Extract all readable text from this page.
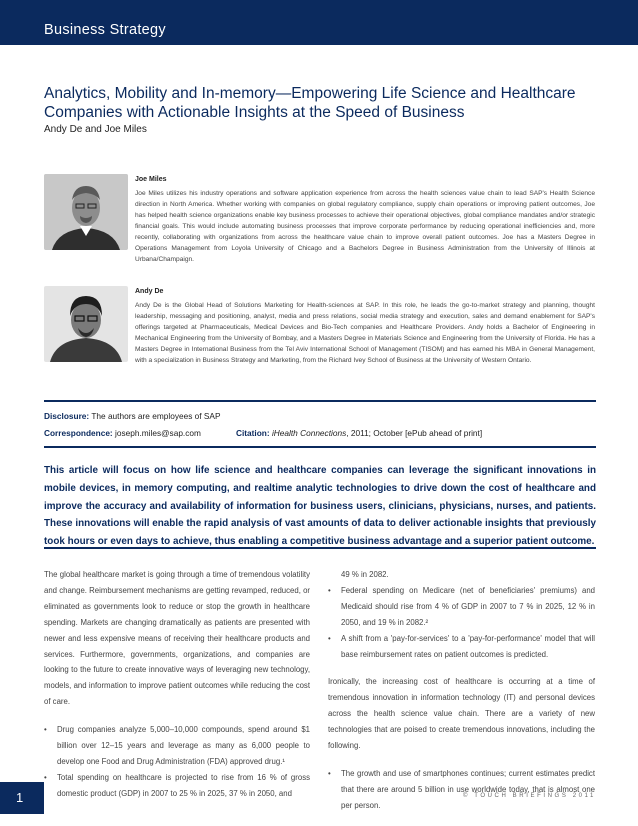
Business Strategy
Analytics, Mobility and In-memory—Empowering Life Science and Healthcare Companies with Actionable Insights at the Speed of Business
Andy De and Joe Miles
Joe Miles
Joe Miles utilizes his industry operations and software application experience from across the health sciences value chain to lead SAP's Health Science direction in North America. Whether working with companies on global regulatory compliance, supply chain operations or improving patient outcomes, Joe has helped health science organizations enable key business processes to achieve their operational objectives, global compliance mandates and/or strategic financial goals. This would include automating business processes that improve corporate performance by reducing operational inefficiencies and, more recently, collaborating with organizations from across the healthcare value chain to improve overall patient outcomes. Joe has a Masters Degree in Operations Management from Loyola University of Chicago and a Bachelors Degree in Business Administration from the University of Illinois at Urbana/Champaign.
Andy De
Andy De is the Global Head of Solutions Marketing for Health-sciences at SAP. In this role, he leads the go-to-market strategy and planning, thought leadership, messaging and positioning, analyst, media and press relations, social media strategy and execution, sales and demand enablement for SAP's offerings targeted at Pharmaceuticals, Medical Devices and Bio-Tech companies and Healthcare Providers. Andy holds a Bachelor of Engineering in Mechanical Engineering from the University of Bombay, and a Masters Degree in Materials Science and Engineering from the University of Florida. He has a Masters Degree in International Business from the Tel Aviv International School of Management (TISOM) and has earned his MBA in General Management, with a specialization in Business Strategy and Marketing, from the Richard Ivey School of Business at the University of Western Ontario.
Disclosure: The authors are employees of SAP
Correspondence: joseph.miles@sap.com	Citation: iHealth Connections, 2011; October [ePub ahead of print]
This article will focus on how life science and healthcare companies can leverage the significant innovations in mobile devices, in memory computing, and realtime analytic technologies to drive down the cost of healthcare and improve the accuracy and availability of information for business users, clinicians, physicians, nurses, and patients. These innovations will enable the rapid analysis of vast amounts of data to deliver actionable insights that previously took hours or even days to achieve, thus enabling a competitive business advantage and a superior patient outcome.

The global healthcare market is going through a time of tremendous volatility and change. Reimbursement mechanisms are getting revamped, reduced, or eliminated as governments look to reduce or stop the growth in healthcare spending. Markets are changing dramatically as patients are presented with newer and less expensive means of receiving their healthcare products and services. Furthermore, governments, organizations, and companies are looking to the future to create innovative ways of leveraging new technology, models, and information to improve patient outcomes while reducing the cost of care.

• Drug companies analyze 5,000–10,000 compounds, spend around $1 billion over 12–15 years and leverage as many as 6,000 people to develop one Food and Drug Administration (FDA) approved drug.¹
• Total spending on healthcare is projected to rise from 16 % of gross domestic product (GDP) in 2007 to 25 % in 2025, 37 % in 2050, and

49 % in 2082.

• Federal spending on Medicare (net of beneficiaries' premiums) and Medicaid should rise from 4 % of GDP in 2007 to 7 % in 2025, 12 % in 2050, and 19 % in 2082.²
• A shift from a 'pay-for-services' to a 'pay-for-performance' model that will base reimbursement rates on patient outcomes is predicted.

Ironically, the increasing cost of healthcare is occurring at a time of tremendous innovation in information technology (IT) and personal devices across the health science value chain. There are a variety of new technologies that are poised to create tremendous innovations, including the following.

• The growth and use of smartphones continues; current estimates predict that there are around 5 billion in use worldwide today, that is almost one per person.
1	© TOUCH BRIEFINGS 2011
